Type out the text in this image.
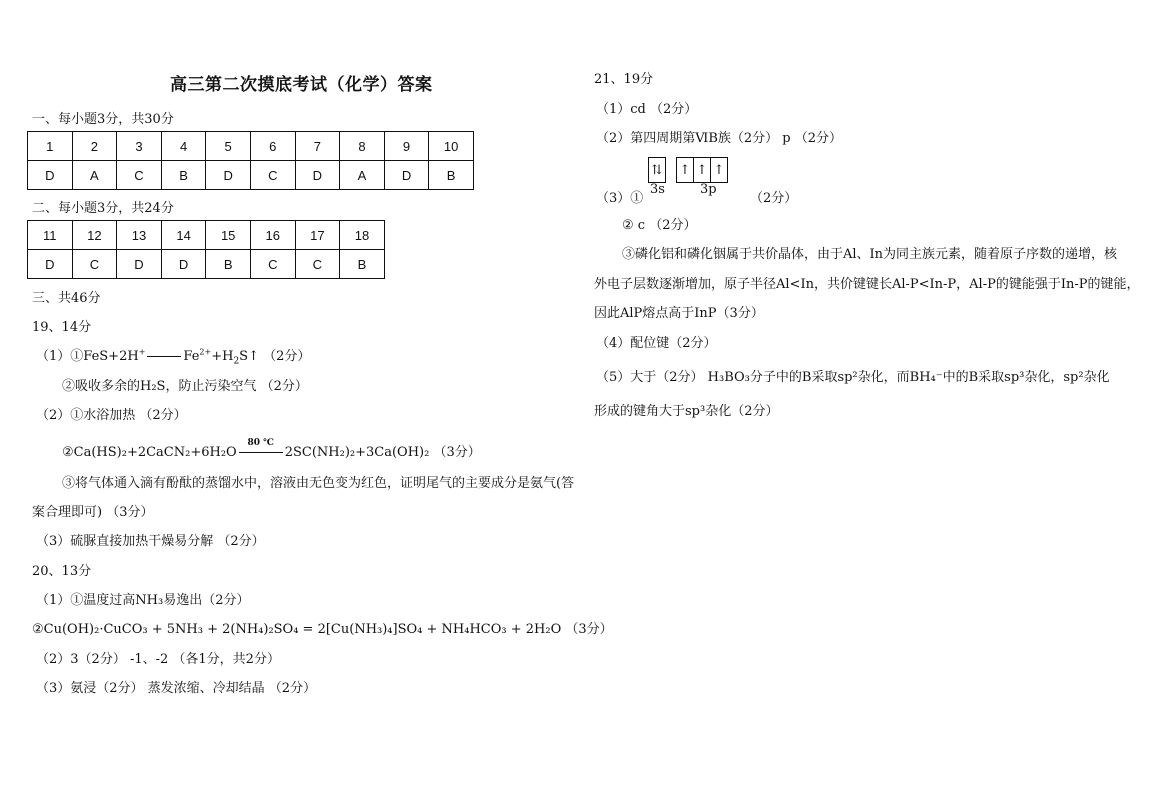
高三第二次摸底考试（化学）答案
一、每小题3分，共30分
1	2	3	4	5	6	7	8	9	10
D	A	C	B	D	C	D	A	D	B
二、每小题3分，共24分
11	12	13	14	15	16	17	18
D	C	D	D	B	C	C	B
三、共46分
19、14分
（1）①FeS+2H+	$Fe^{2+}+H_2S↑$ （2分）
②吸收多余的H₂S，防止污染空气 （2分）
（2）①水浴加热 （2分）
②Ca(HS)₂+2CaCN₂+6H₂O
80 ℃
2SC(NH₂)₂+3Ca(OH)₂ （3分）
③将气体通入滴有酚酞的蒸馏水中，溶液由无色变为红色，证明尾气的主要成分是氨气(答
案合理即可) （3分）
（3）硫脲直接加热干燥易分解 （2分）
20、13分
（1）①温度过高NH₃易逸出（2分）
②Cu(OH)₂·CuCO₃ + 5NH₃ + 2(NH₄)₂SO₄ = 2[Cu(NH₃)₄]SO₄ + NH₄HCO₃ + 2H₂O （3分）
（2）3（2分） -1、-2 （各1分，共2分）
（3）氨浸（2分） 蒸发浓缩、冷却结晶 （2分）
21、19分
（1）cd （2分）
（2）第四周期第ⅥB族（2分） p （2分）
⇅ ↑ ↑ ↑
3s	3p
（3）①	（2分）
② c （2分）
③磷化铝和磷化铟属于共价晶体，由于Al、In为同主族元素，随着原子序数的递增，核
外电子层数逐渐增加，原子半径Al<In，共价键键长Al-P<In-P，Al-P的键能强于In-P的键能，
因此AlP熔点高于InP（3分）
（4）配位键（2分）
（5）大于（2分） H₃BO₃分子中的B采取sp²杂化，而BH₄⁻中的B采取sp³杂化，sp²杂化
形成的键角大于sp³杂化（2分）
